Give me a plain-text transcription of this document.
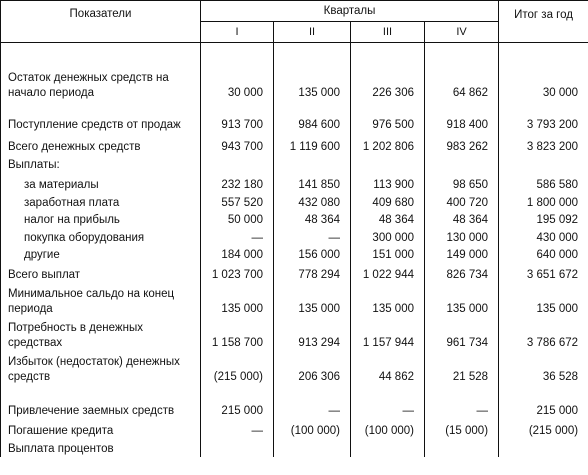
Показатели	Кварталы				Итог за год
	I	II	III	IV	

Остаток денежных средств на начало периода	30 000	135 000	226 306	64 862	30 000
Поступление средств от продаж	913 700	984 600	976 500	918 400	3 793 200
Всего денежных средств	943 700	1 119 600	1 202 806	983 262	3 823 200
Выплаты:					
за материалы	232 180	141 850	113 900	98 650	586 580
заработная плата	557 520	432 080	409 680	400 720	1 800 000
налог на прибыль	50 000	48 364	48 364	48 364	195 092
покупка оборудования	—	—	300 000	130 000	430 000
другие	184 000	156 000	151 000	149 000	640 000
Всего выплат	1 023 700	778 294	1 022 944	826 734	3 651 672
Минимальное сальдо на конец периода	135 000	135 000	135 000	135 000	135 000
Потребность в денежных средствах	1 158 700	913 294	1 157 944	961 734	3 786 672
Избыток (недостаток) денежных средств	(215 000)	206 306	44 862	21 528	36 528
Привлечение заемных средств	215 000	—	—	—	215 000
Погашение кредита	—	(100 000)	(100 000)	(15 000)	(215 000)
Выплата процентов					
